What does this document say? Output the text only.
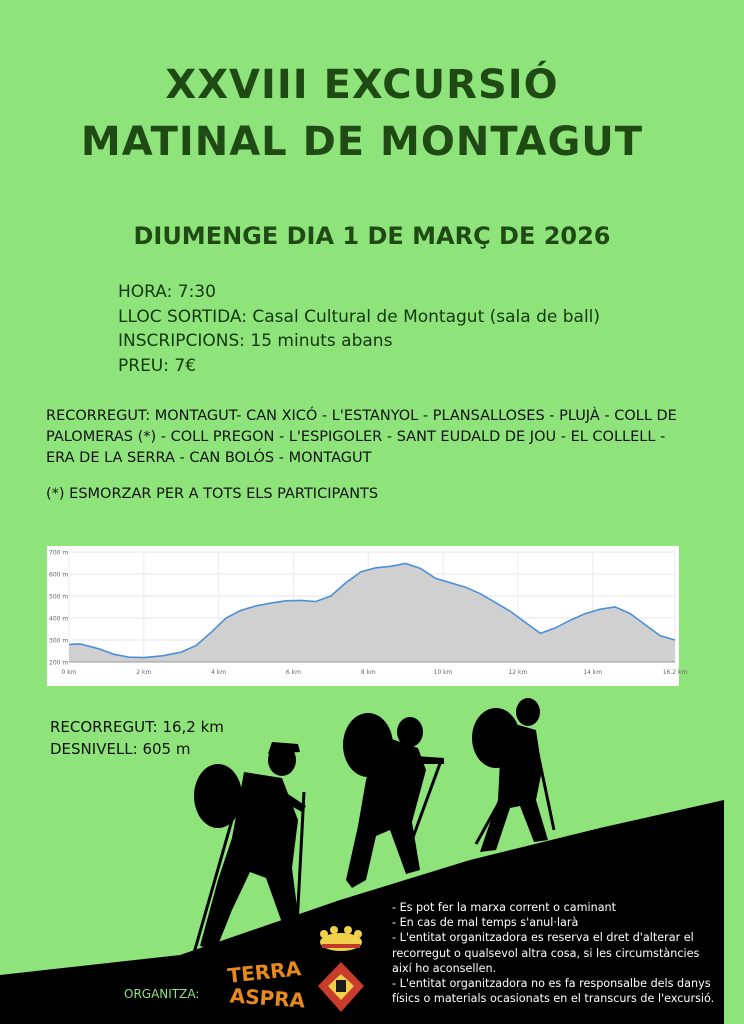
XXVIII EXCURSIÓ
MATINAL DE MONTAGUT
DIUMENGE DIA 1 DE MARÇ DE 2026
HORA: 7:30
LLOC SORTIDA: Casal Cultural de Montagut (sala de ball)
INSCRIPCIONS: 15 minuts abans
PREU: 7€
RECORREGUT: MONTAGUT- CAN XICÓ - L'ESTANYOL - PLANSALLOSES - PLUJÀ - COLL DE PALOMERAS (*) - COLL PREGON - L'ESPIGOLER - SANT EUDALD DE JOU - EL COLLELL - ERA DE LA SERRA - CAN BOLÓS - MONTAGUT
(*) ESMORZAR PER A TOTS ELS PARTICIPANTS
200 m
300 m
400 m
500 m
600 m
700 m
0 km	2 km	4 km	6 km	8 km	10 km	12 km	14 km	16.2 km
RECORREGUT: 16,2 km
DESNIVELL: 605 m
- Es pot fer la marxa corrent o caminant
- En cas de mal temps s'anul·larà
- L'entitat organitzadora es reserva el dret d'alterar el recorregut o qualsevol altra cosa, si les circumstàncies així ho aconsellen.
- L'entitat organitzadora no es fa responsalbe dels danys físics o materials ocasionats en el transcurs de l'excursió.
ORGANITZA:
TERRA
ASPRA
